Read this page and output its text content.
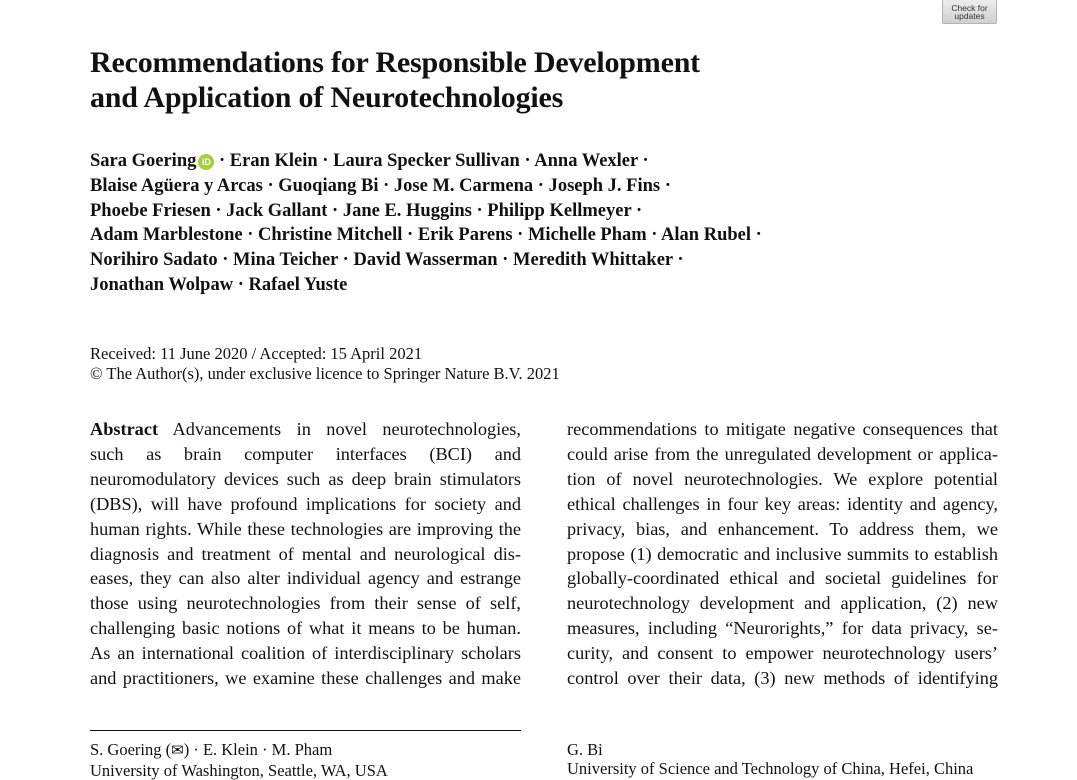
Check for
updates
Recommendations for Responsible Development
and Application of Neurotechnologies
Sara Goering iD · Eran Klein · Laura Specker Sullivan · Anna Wexler ·
Blaise Agüera y Arcas · Guoqiang Bi · Jose M. Carmena · Joseph J. Fins ·
Phoebe Friesen · Jack Gallant · Jane E. Huggins · Philipp Kellmeyer ·
Adam Marblestone · Christine Mitchell · Erik Parens · Michelle Pham · Alan Rubel ·
Norihiro Sadato · Mina Teicher · David Wasserman · Meredith Whittaker ·
Jonathan Wolpaw · Rafael Yuste
Received: 11 June 2020 / Accepted: 15 April 2021
© The Author(s), under exclusive licence to Springer Nature B.V. 2021
Abstract Advancements in novel neurotechnologies,
such as brain computer interfaces (BCI) and
neuromodulatory devices such as deep brain stimulators
(DBS), will have profound implications for society and
human rights. While these technologies are improving the
diagnosis and treatment of mental and neurological dis-
eases, they can also alter individual agency and estrange
those using neurotechnologies from their sense of self,
challenging basic notions of what it means to be human.
As an international coalition of interdisciplinary scholars
and practitioners, we examine these challenges and make
recommendations to mitigate negative consequences that
could arise from the unregulated development or applica-
tion of novel neurotechnologies. We explore potential
ethical challenges in four key areas: identity and agency,
privacy, bias, and enhancement. To address them, we
propose (1) democratic and inclusive summits to establish
globally-coordinated ethical and societal guidelines for
neurotechnology development and application, (2) new
measures, including “Neurorights,” for data privacy, se-
curity, and consent to empower neurotechnology users’
control over their data, (3) new methods of identifying
S. Goering (✉) · E. Klein · M. Pham
University of Washington, Seattle, WA, USA
G. Bi
University of Science and Technology of China, Hefei, China
